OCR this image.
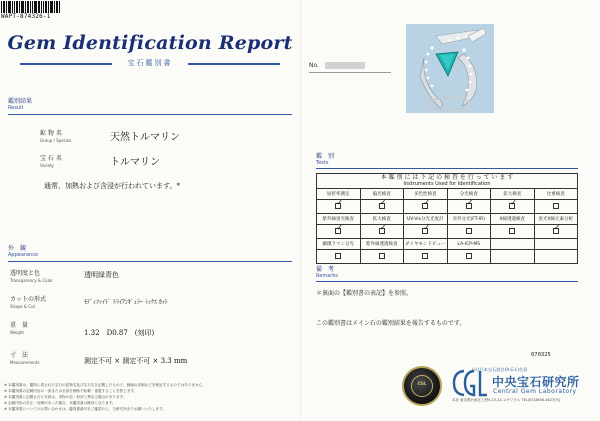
WAPT-874326-1
Gem Identification Report
宝石鑑別書
鑑別結果
Result
鉱 物 名
Group / Species	天然トルマリン
宝 石 名
Variety	トルマリン
通常、加熱および含浸が行われています。*
外　観
Appearance
透明度と色
Transparency & Color
透明緑青色
カットの形式
Shape & Cut
ﾓﾃﾞｨﾌｧｲﾄﾞ ﾄﾗｲｱﾝｷﾞｭﾗｰ ﾐｯｸｽ ｶｯﾄ
重　量
Weight	1.32　D0.87　(刻印)
寸　法
Measurements	測定不可 × 測定不可 × 3.3 mm
※ 本鑑別書は、鑑別に供された宝石の鉱物名及び宝石名を記載したもので、価値の評価などを保証するものではありません。
※ 本鑑別書の記載内容の一部または全部を無断で転載・複製することを禁じます。
※ 本鑑別書に記載された写真は、実物の色・形状と異なる場合があります。
※ 記載内容の訂正・加筆があった場合、本鑑別書は無効となります。
※ 本鑑別書についてのお問い合わせは、鑑別書番号をご確認の上、当研究所までお願いいたします。
No.
鑑　別
Tests
本 鑑 別 に は 下 記 の 検 査 を 行 っ て い ま す
Instruments Used for Identification					

屈折率測定	偏光検査	多色性検査	分光検査	拡大検査	比重検査
✓	✓	✓	✓	✓	
紫外線蛍光検査	拡大検査	UV-Vis分光光度計	赤外分光(FT-IR)	X線透過検査	蛍光X線元素分析
✓	✓	✓			✓
顕微ラマン分光	紫外線透過検査	ダイヤモンドビュー	LA-ICP-MS		

備　考
Remarks
＊裏面の【鑑別書の表記】を参照。
この鑑別書はメイン石の鑑別結果を報告するものです。
070325
CGL
(社)日本宝石協会(A.G.L)会員
中央宝石研究所
Central Gem Laboratory
本社 東京都台東区上野5-15-14 ユサワビル TEL(03)3836-1627(代)
